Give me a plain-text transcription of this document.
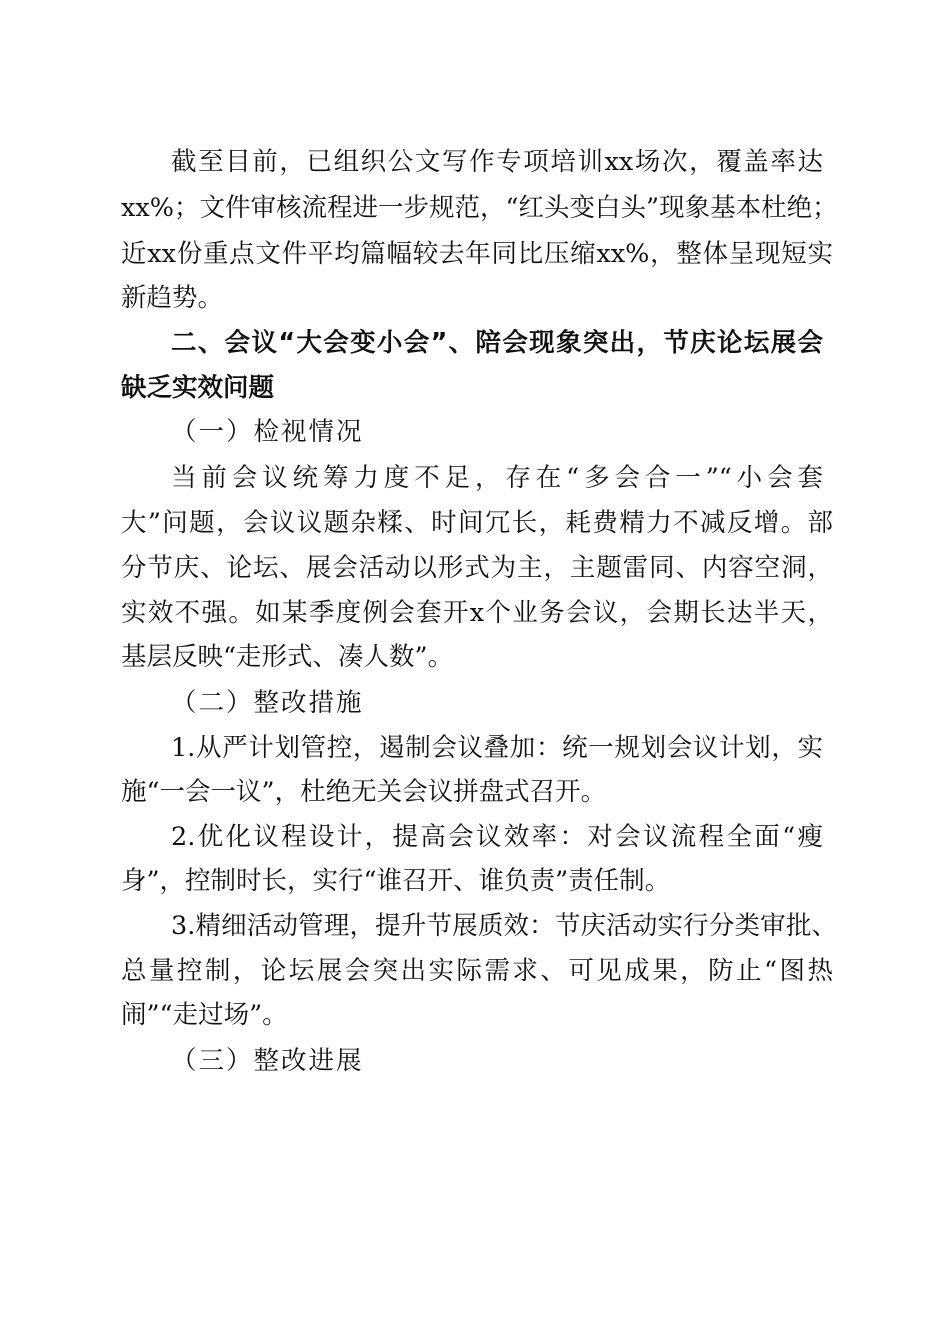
截至目前，已组织公文写作专项培训xx场次，覆盖率达
xx%；文件审核流程进一步规范，“红头变白头”现象基本杜绝；
近xx份重点文件平均篇幅较去年同比压缩xx%，整体呈现短实
新趋势。
二、会议“大会变小会”、陪会现象突出，节庆论坛展会
缺乏实效问题
（一）检视情况
当前会议统筹力度不足，存在“多会合一”“小会套
大”问题，会议议题杂糅、时间冗长，耗费精力不减反增。部
分节庆、论坛、展会活动以形式为主，主题雷同、内容空洞，
实效不强。如某季度例会套开x个业务会议，会期长达半天，
基层反映“走形式、凑人数”。
（二）整改措施
1.从严计划管控，遏制会议叠加：统一规划会议计划，实
施“一会一议”，杜绝无关会议拼盘式召开。
2.优化议程设计，提高会议效率：对会议流程全面“瘦
身”，控制时长，实行“谁召开、谁负责”责任制。
3.精细活动管理，提升节展质效：节庆活动实行分类审批、
总量控制，论坛展会突出实际需求、可见成果，防止“图热
闹”“走过场”。
（三）整改进展
